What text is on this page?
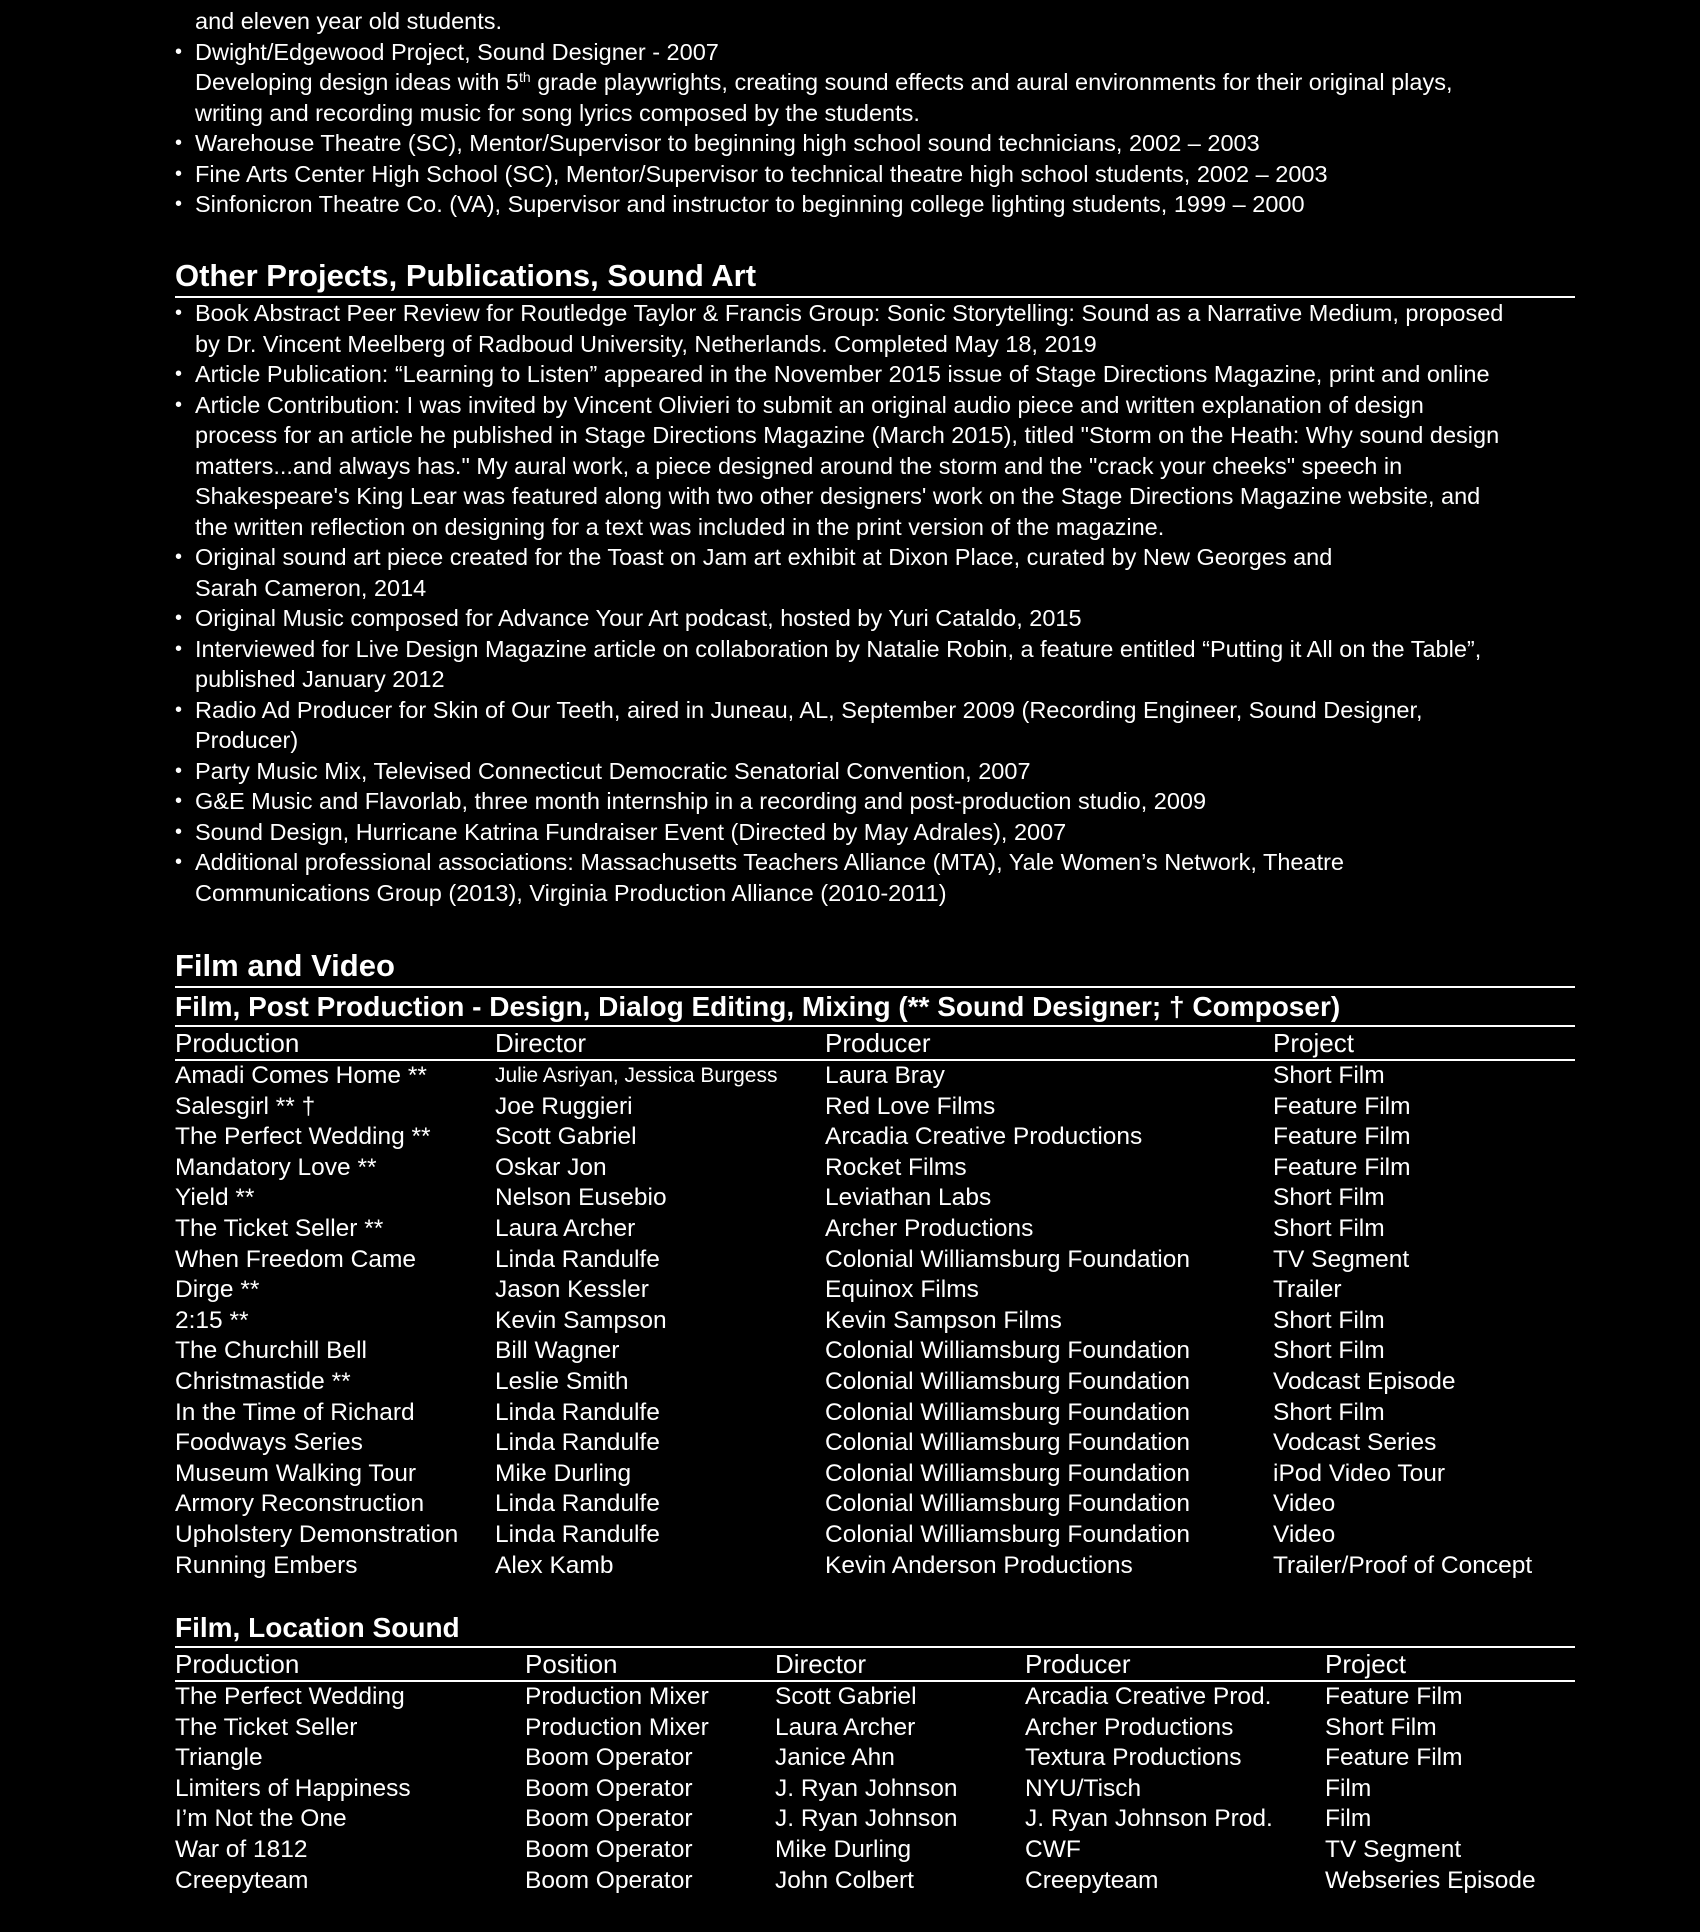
and eleven year old students.
• Dwight/Edgewood Project, Sound Designer - 2007
Developing design ideas with 5th grade playwrights, creating sound effects and aural environments for their original plays,
writing and recording music for song lyrics composed by the students.
• Warehouse Theatre (SC), Mentor/Supervisor to beginning high school sound technicians, 2002 – 2003
• Fine Arts Center High School (SC), Mentor/Supervisor to technical theatre high school students, 2002 – 2003
• Sinfonicron Theatre Co. (VA), Supervisor and instructor to beginning college lighting students, 1999 – 2000
Other Projects, Publications, Sound Art
• Book Abstract Peer Review for Routledge Taylor & Francis Group: Sonic Storytelling: Sound as a Narrative Medium, proposed
by Dr. Vincent Meelberg of Radboud University, Netherlands. Completed May 18, 2019
• Article Publication: “Learning to Listen” appeared in the November 2015 issue of Stage Directions Magazine, print and online
• Article Contribution: I was invited by Vincent Olivieri to submit an original audio piece and written explanation of design
process for an article he published in Stage Directions Magazine (March 2015), titled "Storm on the Heath: Why sound design
matters...and always has." My aural work, a piece designed around the storm and the "crack your cheeks" speech in
Shakespeare's King Lear was featured along with two other designers' work on the Stage Directions Magazine website, and
the written reflection on designing for a text was included in the print version of the magazine.
• Original sound art piece created for the Toast on Jam art exhibit at Dixon Place, curated by New Georges and
Sarah Cameron, 2014
• Original Music composed for Advance Your Art podcast, hosted by Yuri Cataldo, 2015
• Interviewed for Live Design Magazine article on collaboration by Natalie Robin, a feature entitled “Putting it All on the Table”,
published January 2012
• Radio Ad Producer for Skin of Our Teeth, aired in Juneau, AL, September 2009 (Recording Engineer, Sound Designer,
Producer)
• Party Music Mix, Televised Connecticut Democratic Senatorial Convention, 2007
• G&E Music and Flavorlab, three month internship in a recording and post-production studio, 2009
• Sound Design, Hurricane Katrina Fundraiser Event (Directed by May Adrales), 2007
• Additional professional associations: Massachusetts Teachers Alliance (MTA), Yale Women’s Network, Theatre
Communications Group (2013), Virginia Production Alliance (2010-2011)
Film and Video
Film, Post Production - Design, Dialog Editing, Mixing (** Sound Designer; † Composer)
Production	Director	Producer	Project
Amadi Comes Home **	Julie Asriyan, Jessica Burgess	Laura Bray	Short Film
Salesgirl ** †	Joe Ruggieri	Red Love Films	Feature Film
The Perfect Wedding **	Scott Gabriel	Arcadia Creative Productions	Feature Film
Mandatory Love **	Oskar Jon	Rocket Films	Feature Film
Yield **	Nelson Eusebio	Leviathan Labs	Short Film
The Ticket Seller **	Laura Archer	Archer Productions	Short Film
When Freedom Came	Linda Randulfe	Colonial Williamsburg Foundation	TV Segment
Dirge **	Jason Kessler	Equinox Films	Trailer
2:15 **	Kevin Sampson	Kevin Sampson Films	Short Film
The Churchill Bell	Bill Wagner	Colonial Williamsburg Foundation	Short Film
Christmastide **	Leslie Smith	Colonial Williamsburg Foundation	Vodcast Episode
In the Time of Richard	Linda Randulfe	Colonial Williamsburg Foundation	Short Film
Foodways Series	Linda Randulfe	Colonial Williamsburg Foundation	Vodcast Series
Museum Walking Tour	Mike Durling	Colonial Williamsburg Foundation	iPod Video Tour
Armory Reconstruction	Linda Randulfe	Colonial Williamsburg Foundation	Video
Upholstery Demonstration	Linda Randulfe	Colonial Williamsburg Foundation	Video
Running Embers	Alex Kamb	Kevin Anderson Productions	Trailer/Proof of Concept
Film, Location Sound
Production	Position	Director	Producer	Project
The Perfect Wedding	Production Mixer	Scott Gabriel	Arcadia Creative Prod.	Feature Film
The Ticket Seller	Production Mixer	Laura Archer	Archer Productions	Short Film
Triangle	Boom Operator	Janice Ahn	Textura Productions	Feature Film
Limiters of Happiness	Boom Operator	J. Ryan Johnson	NYU/Tisch	Film
I’m Not the One	Boom Operator	J. Ryan Johnson	J. Ryan Johnson Prod.	Film
War of 1812	Boom Operator	Mike Durling	CWF	TV Segment
Creepyteam	Boom Operator	John Colbert	Creepyteam	Webseries Episode
